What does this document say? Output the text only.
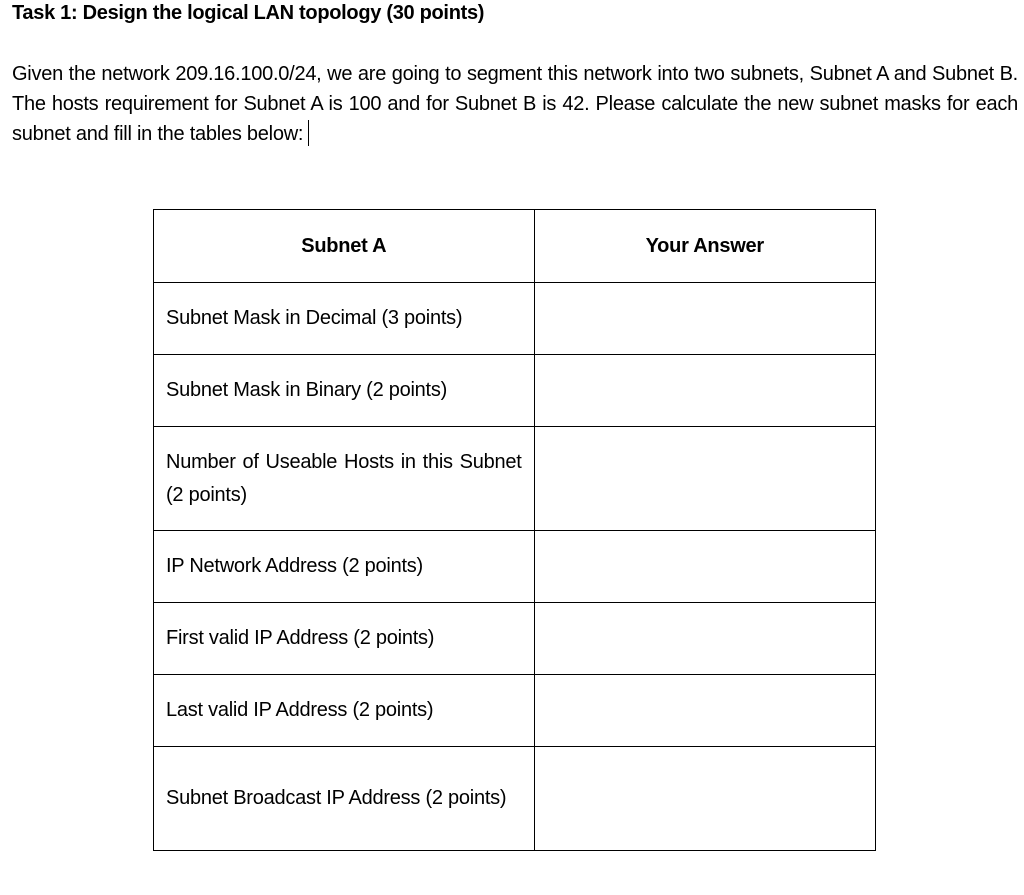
Task 1: Design the logical LAN topology (30 points)
Given the network 209.16.100.0/24, we are going to segment this network into two subnets, Subnet A and Subnet B. The hosts requirement for Subnet A is 100 and for Subnet B is 42. Please calculate the new subnet masks for each subnet and fill in the tables below:
Subnet A	Your Answer
Subnet Mask in Decimal (3 points)	
Subnet Mask in Binary (2 points)	
Number of Useable Hosts in this Subnet (2 points)	
IP Network Address (2 points)	
First valid IP Address (2 points)	
Last valid IP Address (2 points)	
Subnet Broadcast IP Address (2 points)	
